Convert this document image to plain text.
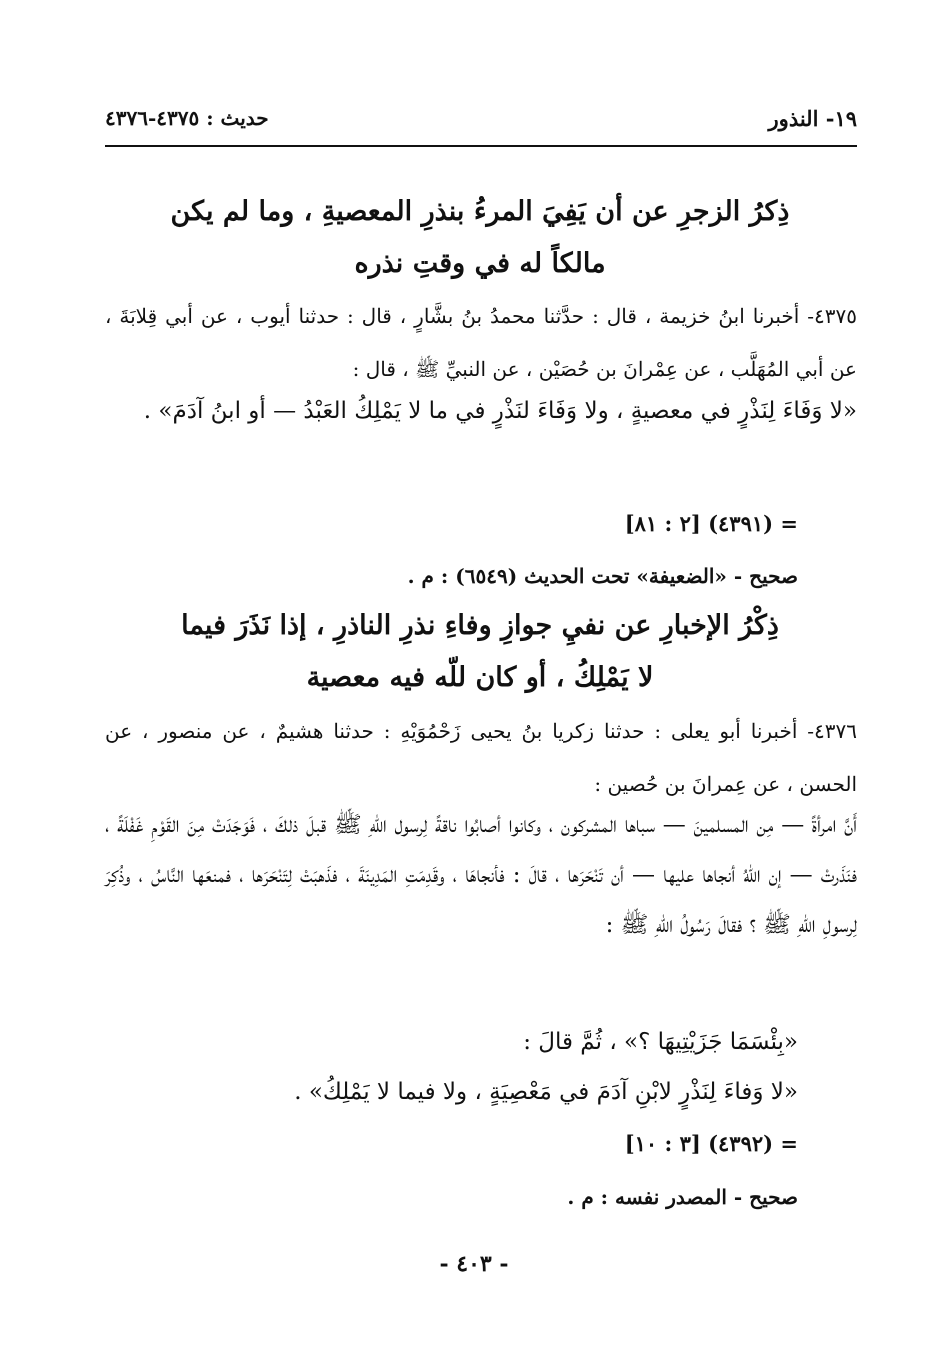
حديث : ٤٣٧٥-٤٣٧٦	١٩- النذور
ذِكرُ الزجرِ عن أن يَفِيَ المرءُ بنذرِ المعصيةِ ، وما لم يكن مالكاً له في وقتِ نذره
٤٣٧٥- أخبرنا ابنُ خزيمة ، قال : حدَّثنا محمدُ بنُ بشَّارٍ ، قال : حدثنا أيوب ، عن أبي قِلابَةَ ، عن أبي المُهَلَّب ، عن عِمْرانَ بن حُصَيْن ، عن النبيِّ ﷺ ، قال :
«لا وَفَاءَ لِنَذْرٍ في معصيةٍ ، ولا وَفَاءَ لنَذْرٍ في ما لا يَمْلِكُ العَبْدُ — أو ابنُ آدَمَ» .
= (٤٣٩١) [٢ : ٨١]
صحيح - «الضعيفة» تحت الحديث (٦٥٤٩) : م .
ذِكْرُ الإخبارِ عن نفيِ جوازِ وفاءِ نذرِ الناذرِ ، إذا نَذَرَ فيما لا يَمْلِكُ ، أو كان للّه فيه معصية
٤٣٧٦- أخبرنا أبو يعلى : حدثنا زكريا بنُ يحيى زَحْمُوَيْهِ : حدثنا هشيمٌ ، عن منصور ، عن الحسن ، عن عِمرانَ بن حُصين :
أَنَّ امرأةً — مِن المسلمينَ — سباها المشركون ، وكانوا أصابُوا ناقةً لِرسول اللّهِ ﷺ قبلَ ذلكَ ، فَوَجَدَتْ مِنَ القَوْمِ غَفْلَةً ، فنَذَرتْ — إن اللّهُ أنجاها عليها — أن تَنْحَرَها ، قالَ : فأنجاهَا ، وقَدِمَتِ المَدِينَةَ ، فذَهبَتْ لِتَنْحَرَها ، فمنعَها النَّاسُ ، وذُكِرَ لِرسولِ اللّهِ ﷺ ؟ فقالَ رَسُولُ اللّهِ ﷺ :
«بِئْسَمَا جَزَيْتِيهَا ؟» ، ثُمَّ قالَ :
«لا وَفاءَ لِنَذْرٍ لابْنِ آدَمَ في مَعْصِيَةٍ ، ولا فيما لا يَمْلِكُ» .
= (٤٣٩٢) [٣ : ١٠]
صحيح - المصدر نفسه : م .
- ٤٠٣ -
